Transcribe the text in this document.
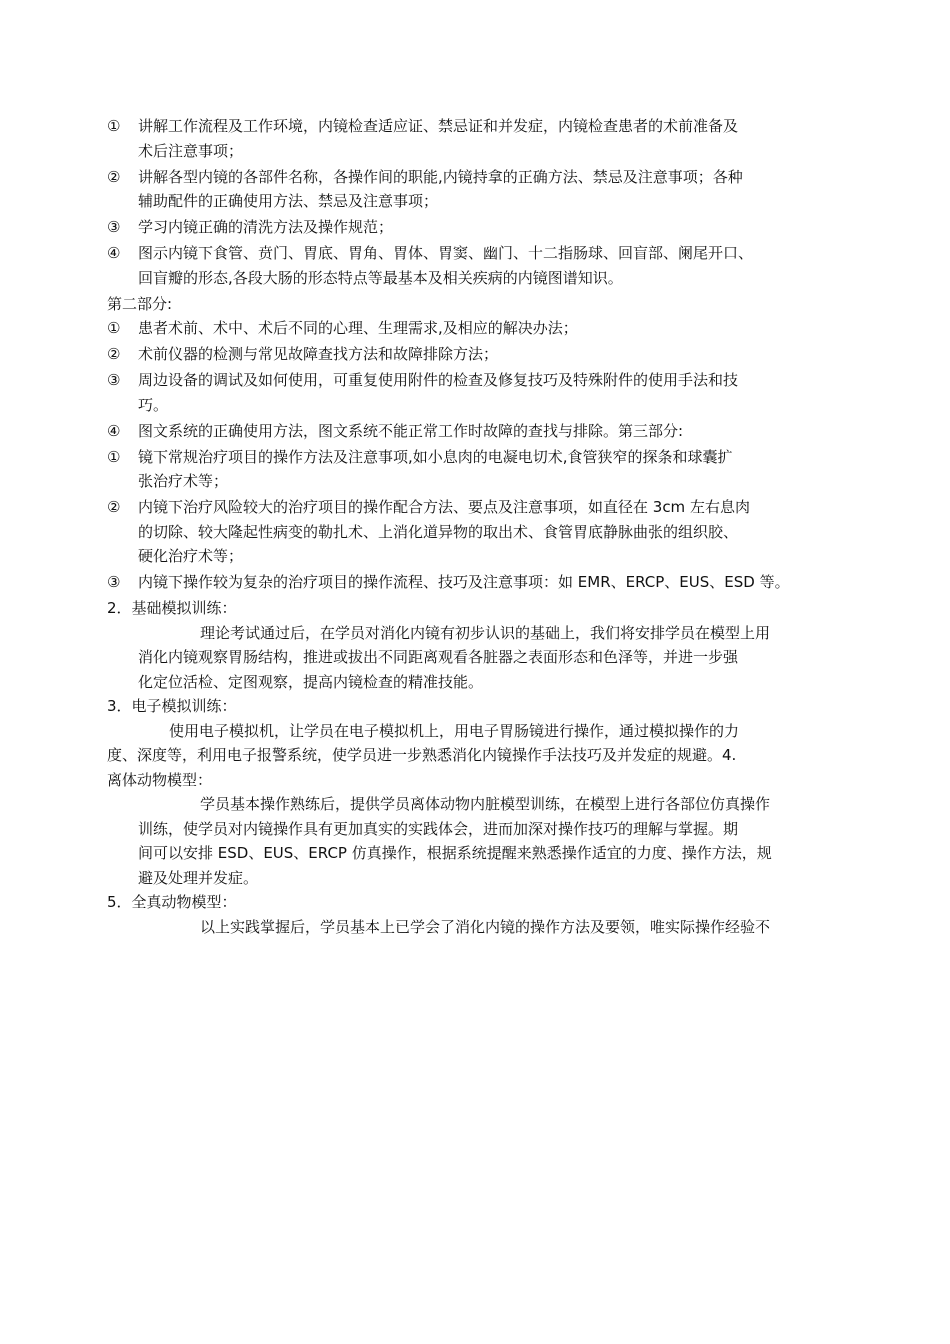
①	讲解工作流程及工作环境，内镜检查适应证、禁忌证和并发症，内镜检查患者的术前准备及
术后注意事项；
②	讲解各型内镜的各部件名称，各操作间的职能,内镜持拿的正确方法、禁忌及注意事项；各种
辅助配件的正确使用方法、禁忌及注意事项；
③	学习内镜正确的清洗方法及操作规范；
④	图示内镜下食管、贲门、胃底、胃角、胃体、胃窦、幽门、十二指肠球、回盲部、阑尾开口、
回盲瓣的形态,各段大肠的形态特点等最基本及相关疾病的内镜图谱知识。
第二部分:
①	患者术前、术中、术后不同的心理、生理需求,及相应的解决办法；
②	术前仪器的检测与常见故障查找方法和故障排除方法；
③	周边设备的调试及如何使用，可重复使用附件的检查及修复技巧及特殊附件的使用手法和技
巧。
④	图文系统的正确使用方法，图文系统不能正常工作时故障的查找与排除。第三部分:
①	镜下常规治疗项目的操作方法及注意事项,如小息肉的电凝电切术,食管狭窄的探条和球囊扩
张治疗术等；
②	内镜下治疗风险较大的治疗项目的操作配合方法、要点及注意事项，如直径在 3cm 左右息肉
的切除、较大隆起性病变的勒扎术、上消化道异物的取出术、食管胃底静脉曲张的组织胶、
硬化治疗术等；
③	内镜下操作较为复杂的治疗项目的操作流程、技巧及注意事项：如 EMR、ERCP、EUS、ESD 等。
2．基础模拟训练：
理论考试通过后，在学员对消化内镜有初步认识的基础上，我们将安排学员在模型上用
消化内镜观察胃肠结构，推进或拔出不同距离观看各脏器之表面形态和色泽等，并进一步强
化定位活检、定图观察，提高内镜检查的精准技能。
3．电子模拟训练：
使用电子模拟机，让学员在电子模拟机上，用电子胃肠镜进行操作，通过模拟操作的力
度、深度等，利用电子报警系统，使学员进一步熟悉消化内镜操作手法技巧及并发症的规避。4.
离体动物模型：
学员基本操作熟练后，提供学员离体动物内脏模型训练，在模型上进行各部位仿真操作
训练，使学员对内镜操作具有更加真实的实践体会，进而加深对操作技巧的理解与掌握。期
间可以安排 ESD、EUS、ERCP 仿真操作，根据系统提醒来熟悉操作适宜的力度、操作方法，规
避及处理并发症。
5．全真动物模型：
以上实践掌握后，学员基本上已学会了消化内镜的操作方法及要领，唯实际操作经验不
